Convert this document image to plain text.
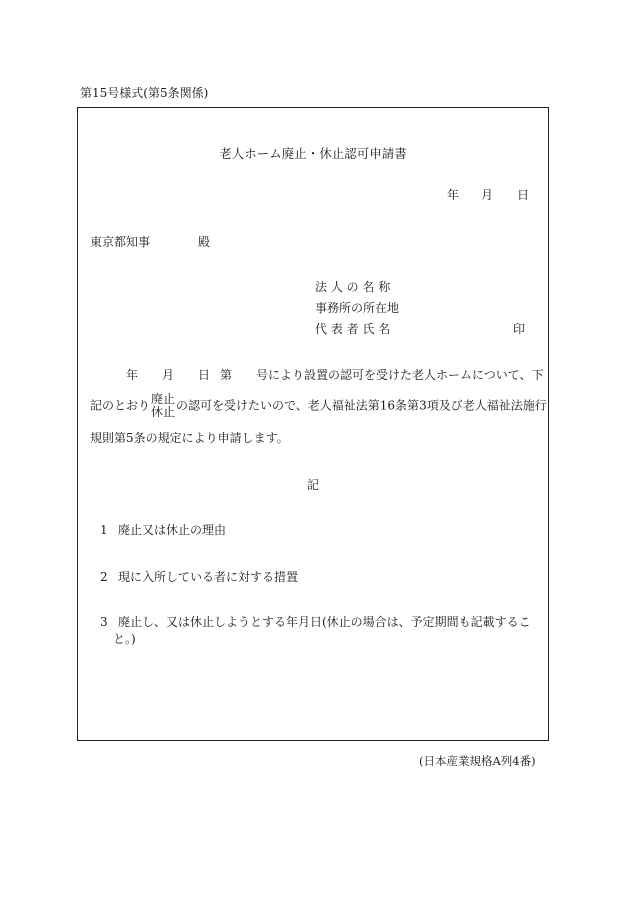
第15号様式(第5条関係)
老人ホーム廃止・休止認可申請書
年 月 日
東京都知事	殿
法 人 の 名 称
事務所の所在地
代 表 者 氏 名	印
年 月 日 第 号により設置の認可を受けた老人ホームについて、下
記のとおり 廃止
休止 の認可を受けたいので、老人福祉法第16条第3項及び老人福祉法施行
規則第5条の規定により申請します。
記
1 廃止又は休止の理由
2 現に入所している者に対する措置
3 廃止し、又は休止しようとする年月日(休止の場合は、予定期間も記載するこ
と。)
(日本産業規格A列4番)
